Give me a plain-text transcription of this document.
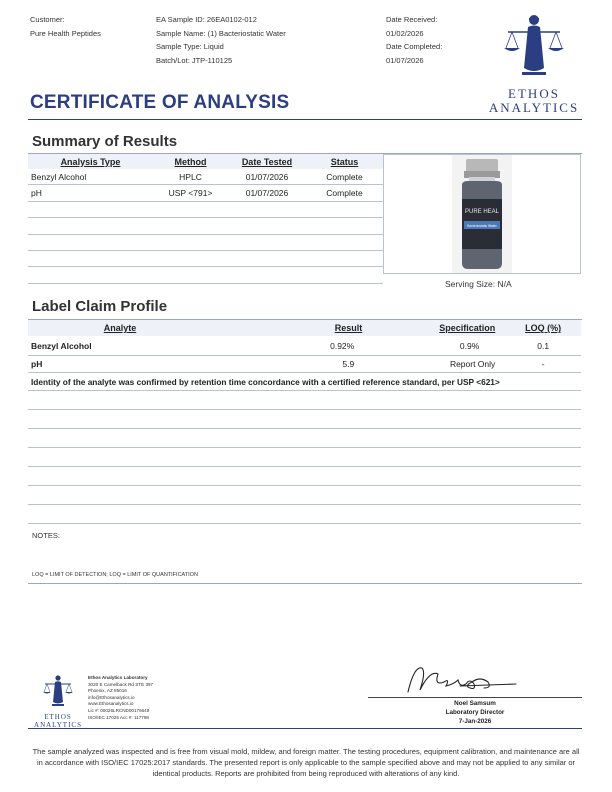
Customer:
Pure Health Peptides
EA Sample ID: 26EA0102-012
Sample Name: (1) Bacteriostatic Water
Sample Type: Liquid
Batch/Lot: JTP-110125
Date Received:
01/02/2026
Date Completed:
01/07/2026
ETHOS
ANALYTICS
CERTIFICATE OF ANALYSIS
Summary of Results
Analysis Type	Method	Date Tested	Status
Benzyl Alcohol	HPLC	01/07/2026	Complete
pH	USP <791>	01/07/2026	Complete

PURE HEAL
Bacteriostatic Water
Serving Size: N/A
Label Claim Profile
Analyte	Result	Specification	LOQ (%)
Benzyl Alcohol	0.92%	0.9%	0.1
pH	5.9	Report Only	-
Identity of the analyte was confirmed by retention time concordance with a certified reference standard, per USP <621>			

NOTES:
LOQ = LIMIT OF DETECTION; LOQ = LIMIT OF QUANTIFICATION
ETHOS
ANALYTICS
Ethos Analytics Laboratory
3020 E Camelback Rd STE 397
Phoenix, AZ 85016
info@Ethosanalytics.io
www.Ethosanalytics.io
Lic #: 00026LRCND00176649
ISO/IEC 17025 Acc #: 117798
Noel Samsum
Laboratory Director
7-Jan-2026
The sample analyzed was inspected and is free from visual mold, mildew, and foreign matter. The testing procedures, equipment calibration, and maintenance are all in accordance with ISO/IEC 17025:2017 standards. The presented report is only applicable to the sample specified above and may not be applied to any similar or identical products. Reports are prohibited from being reproduced with alterations of any kind.
